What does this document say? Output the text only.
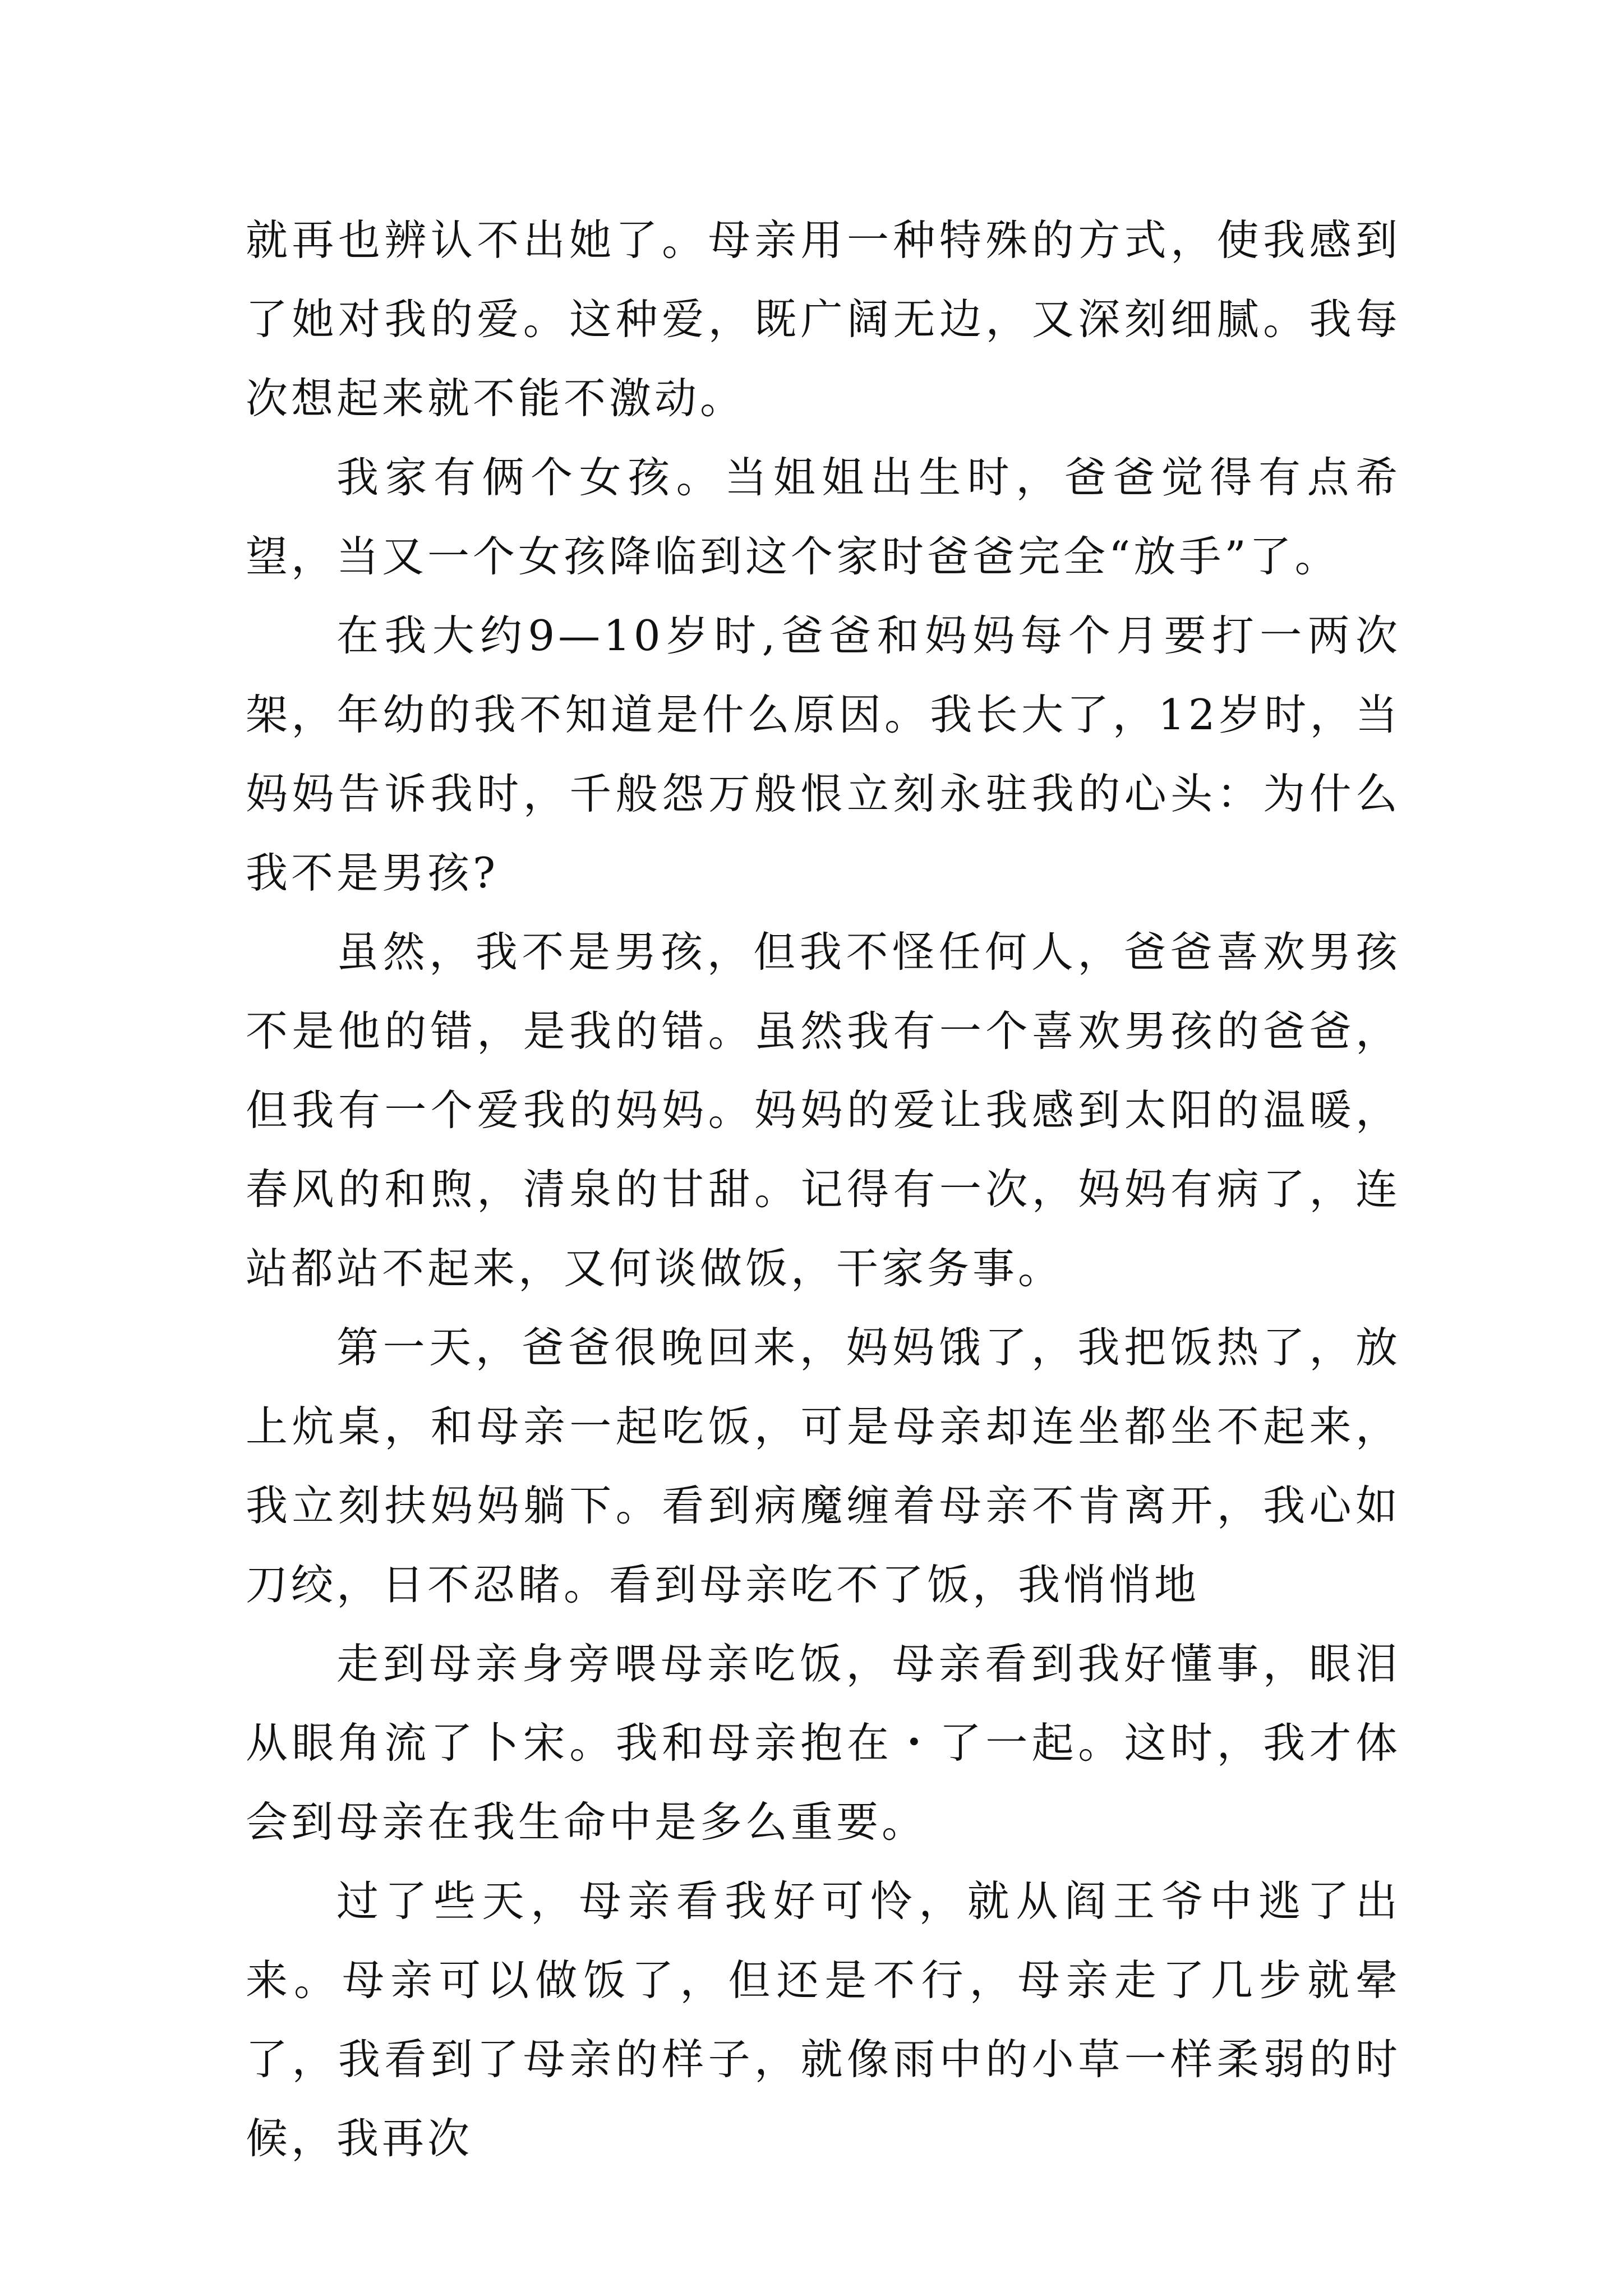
就再也辨认不出她了。母亲用一种特殊的方式，使我感到了她对我的爱。这种爱，既广阔无边，又深刻细腻。我每次想起来就不能不激动。

我家有俩个女孩。当姐姐出生时，爸爸觉得有点希望，当又一个女孩降临到这个家时爸爸完全“放手”了。

在我大约9—10岁时,爸爸和妈妈每个月要打一两次架，年幼的我不知道是什么原因。我长大了，12岁时，当妈妈告诉我时，千般怨万般恨立刻永驻我的心头：为什么我不是男孩?

虽然，我不是男孩，但我不怪任何人，爸爸喜欢男孩不是他的错，是我的错。虽然我有一个喜欢男孩的爸爸，但我有一个爱我的妈妈。妈妈的爱让我感到太阳的温暖，春风的和煦，清泉的甘甜。记得有一次，妈妈有病了，连站都站不起来，又何谈做饭，干家务事。

第一天，爸爸很晚回来，妈妈饿了，我把饭热了，放上炕桌，和母亲一起吃饭，可是母亲却连坐都坐不起来，我立刻扶妈妈躺下。看到病魔缠着母亲不肯离开，我心如刀绞，日不忍睹。看到母亲吃不了饭，我悄悄地

走到母亲身旁喂母亲吃饭，母亲看到我好懂事，眼泪从眼角流了卜宋。我和母亲抱在・了一起。这时，我才体会到母亲在我生命中是多么重要。

过了些天，母亲看我好可怜，就从阎王爷中逃了出来。母亲可以做饭了，但还是不行，母亲走了几步就晕了，我看到了母亲的样子，就像雨中的小草一样柔弱的时候，我再次
